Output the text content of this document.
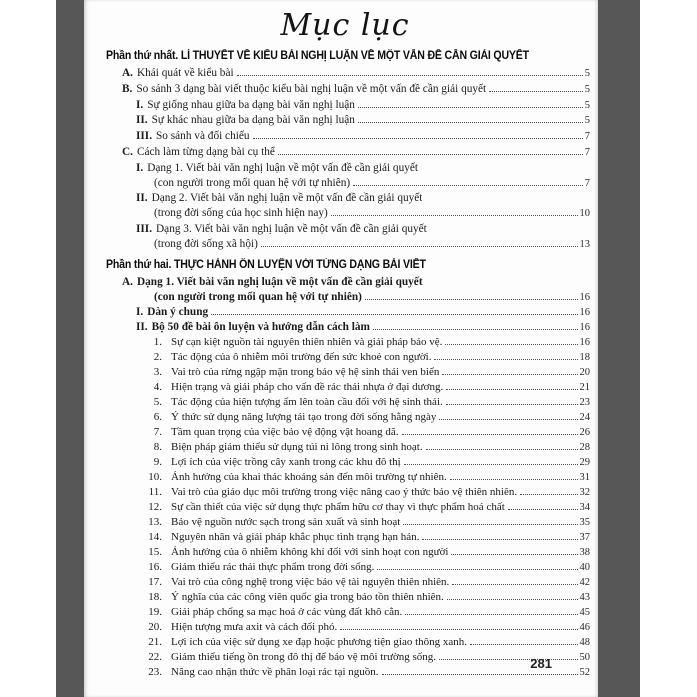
Mục lục
Phần thứ nhất. LÍ THUYẾT VỀ KIỂU BÀI NGHỊ LUẬN VỀ MỘT VẤN ĐỀ CẦN GIẢI QUYẾT
A. Khái quát về kiểu bài	5
B. So sánh 3 dạng bài viết thuộc kiểu bài nghị luận về một vấn đề cần giải quyết	5
I. Sự giống nhau giữa ba dạng bài văn nghị luận	5
II. Sự khác nhau giữa ba dạng bài văn nghị luận	5
III. So sánh và đối chiếu	7
C. Cách làm từng dạng bài cụ thể	7
I. Dạng 1. Viết bài văn nghị luận về một vấn đề cần giải quyết
(con người trong mối quan hệ với tự nhiên)	7
II. Dạng 2. Viết bài văn nghị luận về một vấn đề cần giải quyết
(trong đời sống của học sinh hiện nay)	10
III. Dạng 3. Viết bài văn nghị luận về một vấn đề cần giải quyết
(trong đời sống xã hội)	13
Phần thứ hai. THỰC HÀNH ÔN LUYỆN VỚI TỪNG DẠNG BÀI VIẾT
A. Dạng 1. Viết bài văn nghị luận về một vấn đề cần giải quyết
(con người trong mối quan hệ với tự nhiên)	16
I. Dàn ý chung	16
II. Bộ 50 đề bài ôn luyện và hướng dẫn cách làm	16
1. Sự cạn kiệt nguồn tài nguyên thiên nhiên và giải pháp bảo vệ.	16
2. Tác động của ô nhiễm môi trường đến sức khoẻ con người.	18
3. Vai trò của rừng ngập mặn trong bảo vệ hệ sinh thái ven biển	20
4. Hiện trạng và giải pháp cho vấn đề rác thải nhựa ở đại dương.	21
5. Tác động của hiện tượng ấm lên toàn cầu đối với hệ sinh thái.	23
6. Ý thức sử dụng năng lượng tái tạo trong đời sống hằng ngày	24
7. Tầm quan trọng của việc bảo vệ động vật hoang dã.	26
8. Biện pháp giảm thiểu sử dụng túi ni lông trong sinh hoạt.	28
9. Lợi ích của việc trồng cây xanh trong các khu đô thị	29
10. Ảnh hưởng của khai thác khoáng sản đến môi trường tự nhiên.	31
11. Vai trò của giáo dục môi trường trong việc nâng cao ý thức bảo vệ thiên nhiên.	32
12. Sự cần thiết của việc sử dụng thực phẩm hữu cơ thay vì thực phẩm hoá chất	34
13. Bảo vệ nguồn nước sạch trong sản xuất và sinh hoạt	35
14. Nguyên nhân và giải pháp khắc phục tình trạng hạn hán.	37
15. Ảnh hưởng của ô nhiễm không khí đối với sinh hoạt con người	38
16. Giảm thiểu rác thải thực phẩm trong đời sống.	40
17. Vai trò của công nghệ trong việc bảo vệ tài nguyên thiên nhiên.	42
18. Ý nghĩa của các công viên quốc gia trong bảo tồn thiên nhiên.	43
19. Giải pháp chống sa mạc hoá ở các vùng đất khô cằn.	45
20. Hiện tượng mưa axit và cách đối phó.	46
21. Lợi ích của việc sử dụng xe đạp hoặc phương tiện giao thông xanh.	48
22. Giảm thiểu tiếng ồn trong đô thị để bảo vệ môi trường sống.	50
23. Nâng cao nhận thức về phân loại rác tại nguồn.	52
281
